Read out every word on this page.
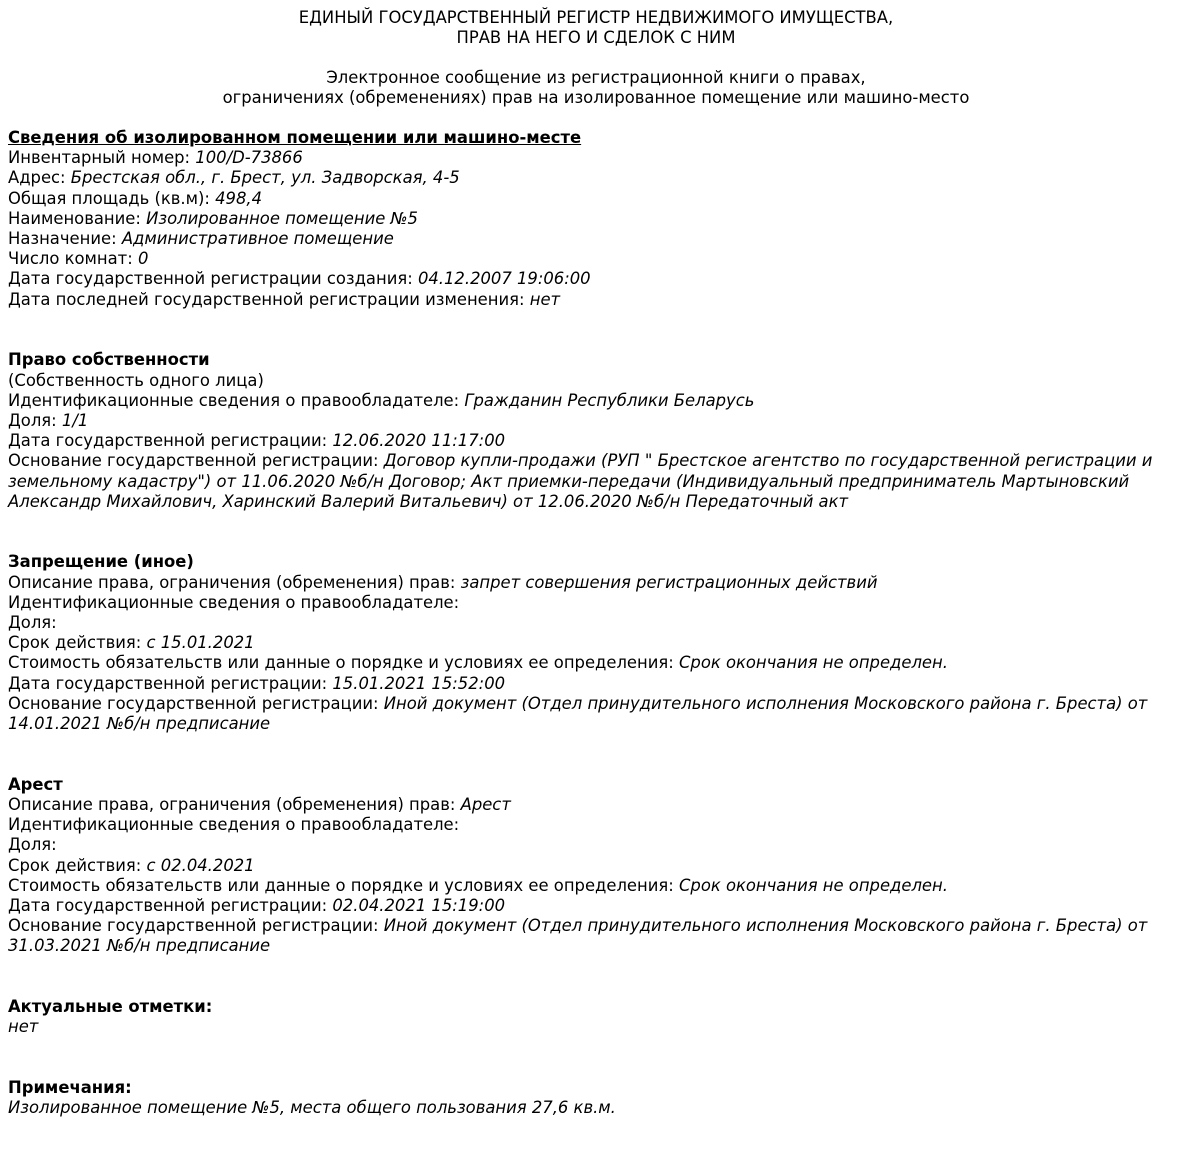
ЕДИНЫЙ ГОСУДАРСТВЕННЫЙ РЕГИСТР НЕДВИЖИМОГО ИМУЩЕСТВА,
ПРАВ НА НЕГО И СДЕЛОК С НИМ
Электронное сообщение из регистрационной книги о правах,
ограничениях (обременениях) прав на изолированное помещение или машино-место
Сведения об изолированном помещении или машино-месте
Инвентарный номер: 100/D-73866
Адрес: Брестская обл., г. Брест, ул. Задворская, 4-5
Общая площадь (кв.м): 498,4
Наименование: Изолированное помещение №5
Назначение: Административное помещение
Число комнат: 0
Дата государственной регистрации создания: 04.12.2007 19:06:00
Дата последней государственной регистрации изменения: нет
Право собственности
(Собственность одного лица)
Идентификационные сведения о правообладателе: Гражданин Республики Беларусь
Доля: 1/1
Дата государственной регистрации: 12.06.2020 11:17:00
Основание государственной регистрации: Договор купли-продажи (РУП " Брестское агентство по государственной регистрации и земельному кадастру") от 11.06.2020 №б/н Договор; Акт приемки-передачи (Индивидуальный предприниматель Мартыновский Александр Михайлович, Харинский Валерий Витальевич) от 12.06.2020 №б/н Передаточный акт
Запрещение (иное)
Описание права, ограничения (обременения) прав: запрет совершения регистрационных действий
Идентификационные сведения о правообладателе:
Доля:
Срок действия: с 15.01.2021
Стоимость обязательств или данные о порядке и условиях ее определения: Срок окончания не определен.
Дата государственной регистрации: 15.01.2021 15:52:00
Основание государственной регистрации: Иной документ (Отдел принудительного исполнения Московского района г. Бреста) от 14.01.2021 №б/н предписание
Арест
Описание права, ограничения (обременения) прав: Арест
Идентификационные сведения о правообладателе:
Доля:
Срок действия: с 02.04.2021
Стоимость обязательств или данные о порядке и условиях ее определения: Срок окончания не определен.
Дата государственной регистрации: 02.04.2021 15:19:00
Основание государственной регистрации: Иной документ (Отдел принудительного исполнения Московского района г. Бреста) от 31.03.2021 №б/н предписание
Актуальные отметки:
нет
Примечания:
Изолированное помещение №5, места общего пользования 27,6 кв.м.
